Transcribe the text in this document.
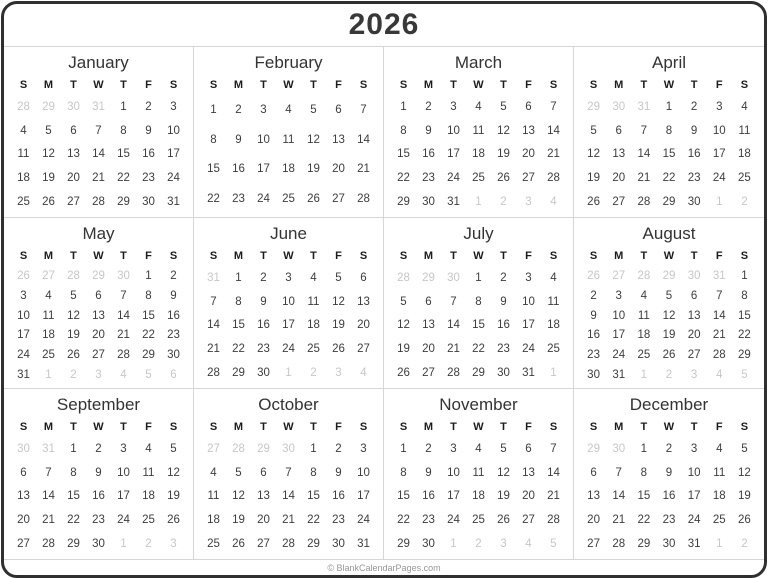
2026
January
S	M	T	W	T	F	S
28	29	30	31	1	2	3
4	5	6	7	8	9	10
11	12	13	14	15	16	17
18	19	20	21	22	23	24
25	26	27	28	29	30	31
February
S	M	T	W	T	F	S
1	2	3	4	5	6	7
8	9	10	11	12	13	14
15	16	17	18	19	20	21
22	23	24	25	26	27	28
March
S	M	T	W	T	F	S
1	2	3	4	5	6	7
8	9	10	11	12	13	14
15	16	17	18	19	20	21
22	23	24	25	26	27	28
29	30	31	1	2	3	4
April
S	M	T	W	T	F	S
29	30	31	1	2	3	4
5	6	7	8	9	10	11
12	13	14	15	16	17	18
19	20	21	22	23	24	25
26	27	28	29	30	1	2
May
S	M	T	W	T	F	S
26	27	28	29	30	1	2
3	4	5	6	7	8	9
10	11	12	13	14	15	16
17	18	19	20	21	22	23
24	25	26	27	28	29	30
31	1	2	3	4	5	6
June
S	M	T	W	T	F	S
31	1	2	3	4	5	6
7	8	9	10	11	12	13
14	15	16	17	18	19	20
21	22	23	24	25	26	27
28	29	30	1	2	3	4
July
S	M	T	W	T	F	S
28	29	30	1	2	3	4
5	6	7	8	9	10	11
12	13	14	15	16	17	18
19	20	21	22	23	24	25
26	27	28	29	30	31	1
August
S	M	T	W	T	F	S
26	27	28	29	30	31	1
2	3	4	5	6	7	8
9	10	11	12	13	14	15
16	17	18	19	20	21	22
23	24	25	26	27	28	29
30	31	1	2	3	4	5
September
S	M	T	W	T	F	S
30	31	1	2	3	4	5
6	7	8	9	10	11	12
13	14	15	16	17	18	19
20	21	22	23	24	25	26
27	28	29	30	1	2	3
October
S	M	T	W	T	F	S
27	28	29	30	1	2	3
4	5	6	7	8	9	10
11	12	13	14	15	16	17
18	19	20	21	22	23	24
25	26	27	28	29	30	31
November
S	M	T	W	T	F	S
1	2	3	4	5	6	7
8	9	10	11	12	13	14
15	16	17	18	19	20	21
22	23	24	25	26	27	28
29	30	1	2	3	4	5
December
S	M	T	W	T	F	S
29	30	1	2	3	4	5
6	7	8	9	10	11	12
13	14	15	16	17	18	19
20	21	22	23	24	25	26
27	28	29	30	31	1	2
© BlankCalendarPages.com
